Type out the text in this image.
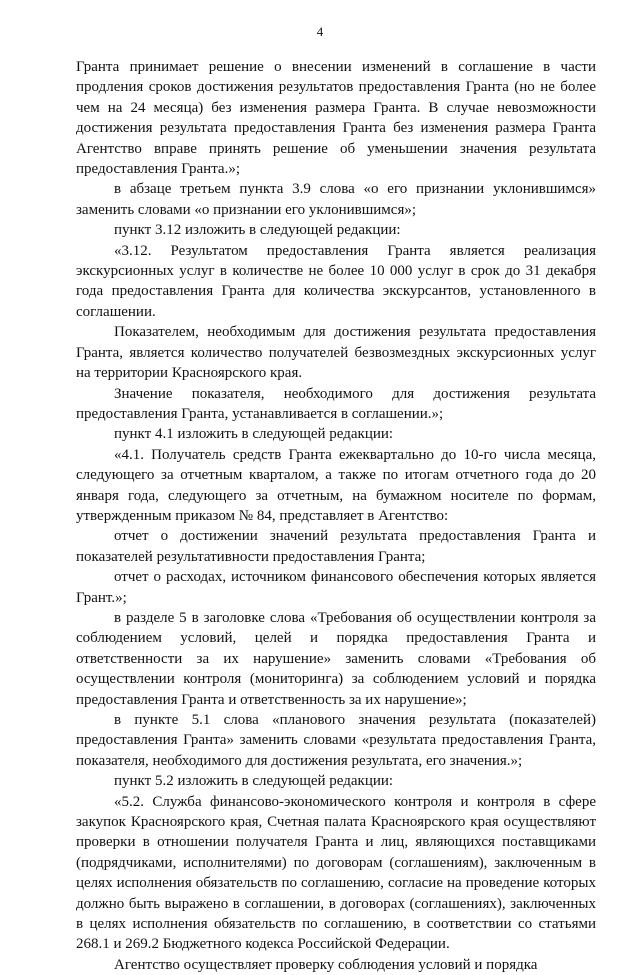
4

Гранта принимает решение о внесении изменений в соглашение в части продления сроков достижения результатов предоставления Гранта (но не более чем на 24 месяца) без изменения размера Гранта. В случае невозможности достижения результата предоставления Гранта без изменения размера Гранта Агентство вправе принять решение об уменьшении значения результата предоставления Гранта.»;

в абзаце третьем пункта 3.9 слова «о его признании уклонившимся» заменить словами «о признании его уклонившимся»;

пункт 3.12 изложить в следующей редакции:

«3.12. Результатом предоставления Гранта является реализация экскурсионных услуг в количестве не более 10 000 услуг в срок до 31 декабря года предоставления Гранта для количества экскурсантов, установленного в соглашении.

Показателем, необходимым для достижения результата предоставления Гранта, является количество получателей безвозмездных экскурсионных услуг на территории Красноярского края.

Значение показателя, необходимого для достижения результата предоставления Гранта, устанавливается в соглашении.»;

пункт 4.1 изложить в следующей редакции:

«4.1. Получатель средств Гранта ежеквартально до 10-го числа месяца, следующего за отчетным кварталом, а также по итогам отчетного года до 20 января года, следующего за отчетным, на бумажном носителе по формам, утвержденным приказом № 84, представляет в Агентство:

отчет о достижении значений результата предоставления Гранта и показателей результативности предоставления Гранта;

отчет о расходах, источником финансового обеспечения которых является Грант.»;

в разделе 5 в заголовке слова «Требования об осуществлении контроля за соблюдением условий, целей и порядка предоставления Гранта и ответственности за их нарушение» заменить словами «Требования об осуществлении контроля (мониторинга) за соблюдением условий и порядка предоставления Гранта и ответственность за их нарушение»;

в пункте 5.1 слова «планового значения результата (показателей) предоставления Гранта» заменить словами «результата предоставления Гранта, показателя, необходимого для достижения результата, его значения.»;

пункт 5.2 изложить в следующей редакции:

«5.2. Служба финансово-экономического контроля и контроля в сфере закупок Красноярского края, Счетная палата Красноярского края осуществляют проверки в отношении получателя Гранта и лиц, являющихся поставщиками (подрядчиками, исполнителями) по договорам (соглашениям), заключенным в целях исполнения обязательств по соглашению, согласие на проведение которых должно быть выражено в соглашении, в договорах (соглашениях), заключенных в целях исполнения обязательств по соглашению, в соответствии со статьями 268.1 и 269.2 Бюджетного кодекса Российской Федерации.

Агентство осуществляет проверку соблюдения условий и порядка
